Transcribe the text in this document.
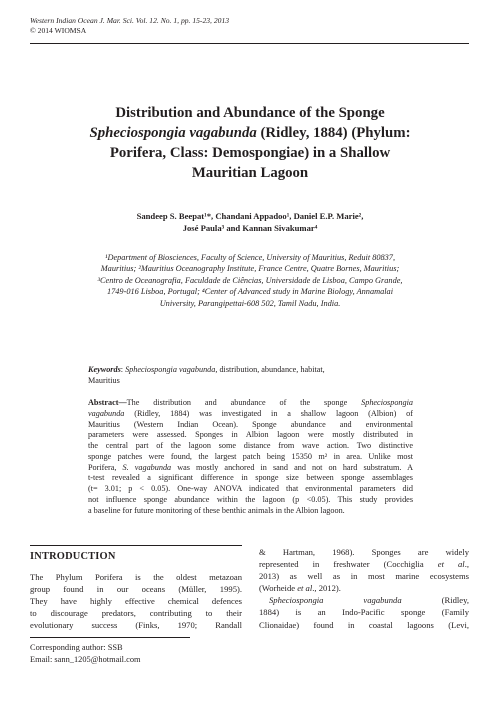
Western Indian Ocean J. Mar. Sci. Vol. 12. No. 1, pp. 15-23, 2013
© 2014 WIOMSA
Distribution and Abundance of the Sponge
Spheciospongia vagabunda (Ridley, 1884) (Phylum:
Porifera, Class: Demospongiae) in a Shallow
Mauritian Lagoon
Sandeep S. Beepat¹*, Chandani Appadoo¹, Daniel E.P. Marie²,
José Paula³ and Kannan Sivakumar⁴
¹Department of Biosciences, Faculty of Science, University of Mauritius, Reduit 80837,
Mauritius; ²Mauritius Oceanography Institute, France Centre, Quatre Bornes, Mauritius;
³Centro de Oceanografia, Faculdade de Ciências, Universidade de Lisboa, Campo Grande,
1749-016 Lisboa, Portugal; ⁴Center of Advanced study in Marine Biology, Annamalai
University, Parangipettai-608 502, Tamil Nadu, India.
Keywords: Spheciospongia vagabunda, distribution, abundance, habitat,
Mauritius
Abstract—The distribution and abundance of the sponge Spheciospongia
vagabunda (Ridley, 1884) was investigated in a shallow lagoon (Albion) of
Mauritius (Western Indian Ocean). Sponge abundance and environmental
parameters were assessed. Sponges in Albion lagoon were mostly distributed in
the central part of the lagoon some distance from wave action. Two distinctive
sponge patches were found, the largest patch being 15350 m² in area. Unlike most
Porifera, S. vagabunda was mostly anchored in sand and not on hard substratum. A
t-test revealed a significant difference in sponge size between sponge assemblages
(t= 3.01; p < 0.05). One-way ANOVA indicated that environmental parameters did
not influence sponge abundance within the lagoon (p <0.05). This study provides
a baseline for future monitoring of these benthic animals in the Albion lagoon.
INTRODUCTION
The Phylum Porifera is the oldest metazoan
group found in our oceans (Müller, 1995).
They have highly effective chemical defences
to discourage predators, contributing to their
evolutionary success (Finks, 1970; Randall
& Hartman, 1968). Sponges are widely
represented in freshwater (Cocchiglia et al.,
2013) as well as in most marine ecosystems
(Worheide et al., 2012).
Spheciospongia vagabunda (Ridley,
1884) is an Indo-Pacific sponge (Family
Clionaidae) found in coastal lagoons (Levi,
Corresponding author: SSB
Email: sann_1205@hotmail.com
